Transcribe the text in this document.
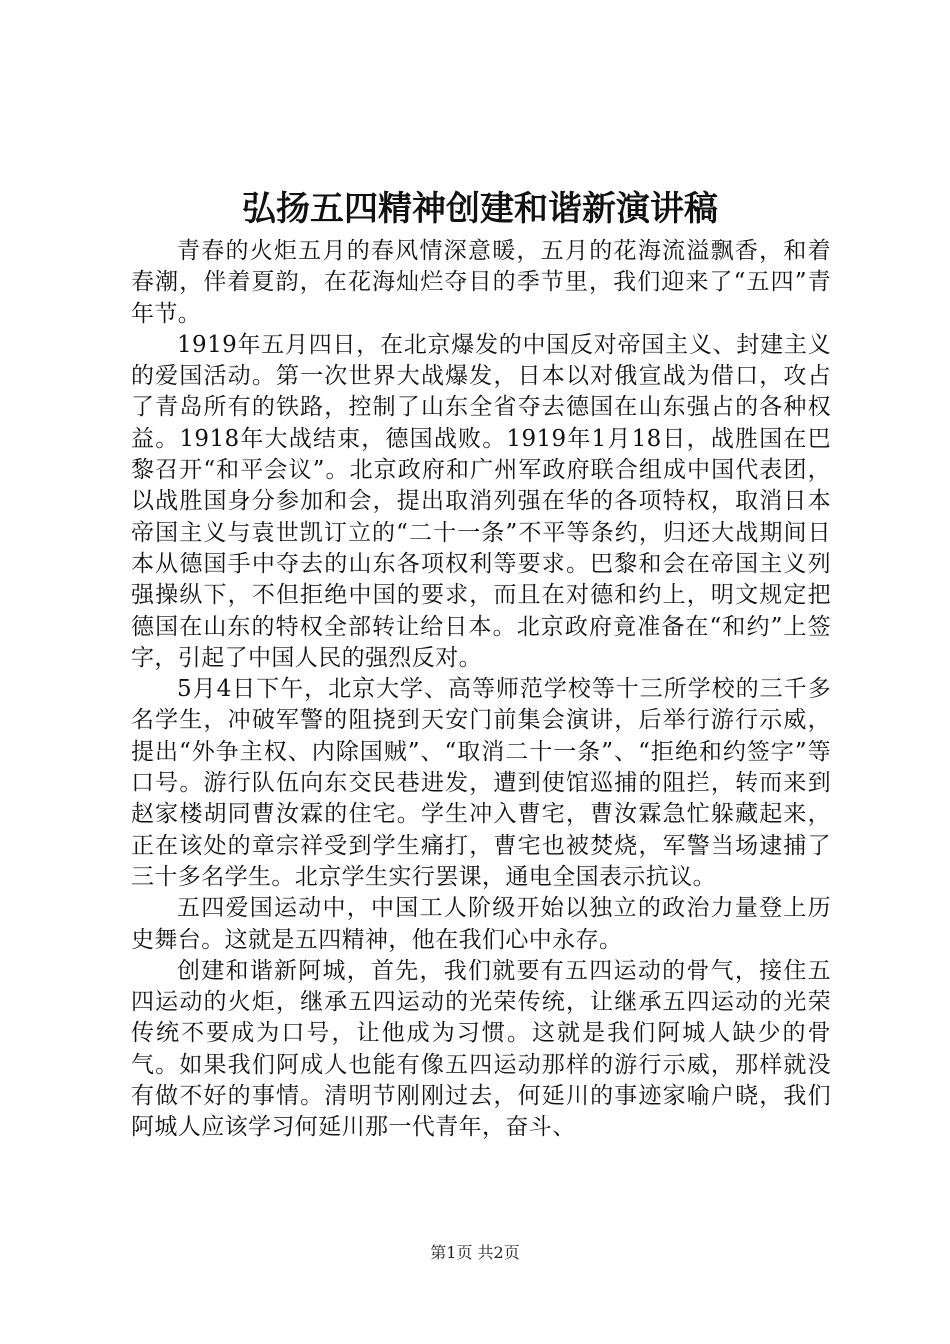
弘扬五四精神创建和谐新演讲稿

青春的火炬五月的春风情深意暖，五月的花海流溢飘香，和着春潮，伴着夏韵，在花海灿烂夺目的季节里，我们迎来了“五四”青年节。

1919年五月四日，在北京爆发的中国反对帝国主义、封建主义的爱国活动。第一次世界大战爆发，日本以对俄宣战为借口，攻占了青岛所有的铁路，控制了山东全省夺去德国在山东强占的各种权益。1918年大战结束，德国战败。1919年1月18日，战胜国在巴黎召开“和平会议”。北京政府和广州军政府联合组成中国代表团，以战胜国身分参加和会，提出取消列强在华的各项特权，取消日本帝国主义与袁世凯订立的“二十一条”不平等条约，归还大战期间日本从德国手中夺去的山东各项权利等要求。巴黎和会在帝国主义列强操纵下，不但拒绝中国的要求，而且在对德和约上，明文规定把德国在山东的特权全部转让给日本。北京政府竟准备在“和约”上签字，引起了中国人民的强烈反对。

5月4日下午，北京大学、高等师范学校等十三所学校的三千多名学生，冲破军警的阻挠到天安门前集会演讲，后举行游行示威，提出“外争主权、内除国贼”、“取消二十一条”、“拒绝和约签字”等口号。游行队伍向东交民巷进发，遭到使馆巡捕的阻拦，转而来到赵家楼胡同曹汝霖的住宅。学生冲入曹宅，曹汝霖急忙躲藏起来，正在该处的章宗祥受到学生痛打，曹宅也被焚烧，军警当场逮捕了三十多名学生。北京学生实行罢课，通电全国表示抗议。

五四爱国运动中，中国工人阶级开始以独立的政治力量登上历史舞台。这就是五四精神，他在我们心中永存。

创建和谐新阿城，首先，我们就要有五四运动的骨气，接住五四运动的火炬，继承五四运动的光荣传统，让继承五四运动的光荣传统不要成为口号，让他成为习惯。这就是我们阿城人缺少的骨气。如果我们阿成人也能有像五四运动那样的游行示威，那样就没有做不好的事情。清明节刚刚过去，何延川的事迹家喻户晓，我们阿城人应该学习何延川那一代青年，奋斗、

第1页 共2页
